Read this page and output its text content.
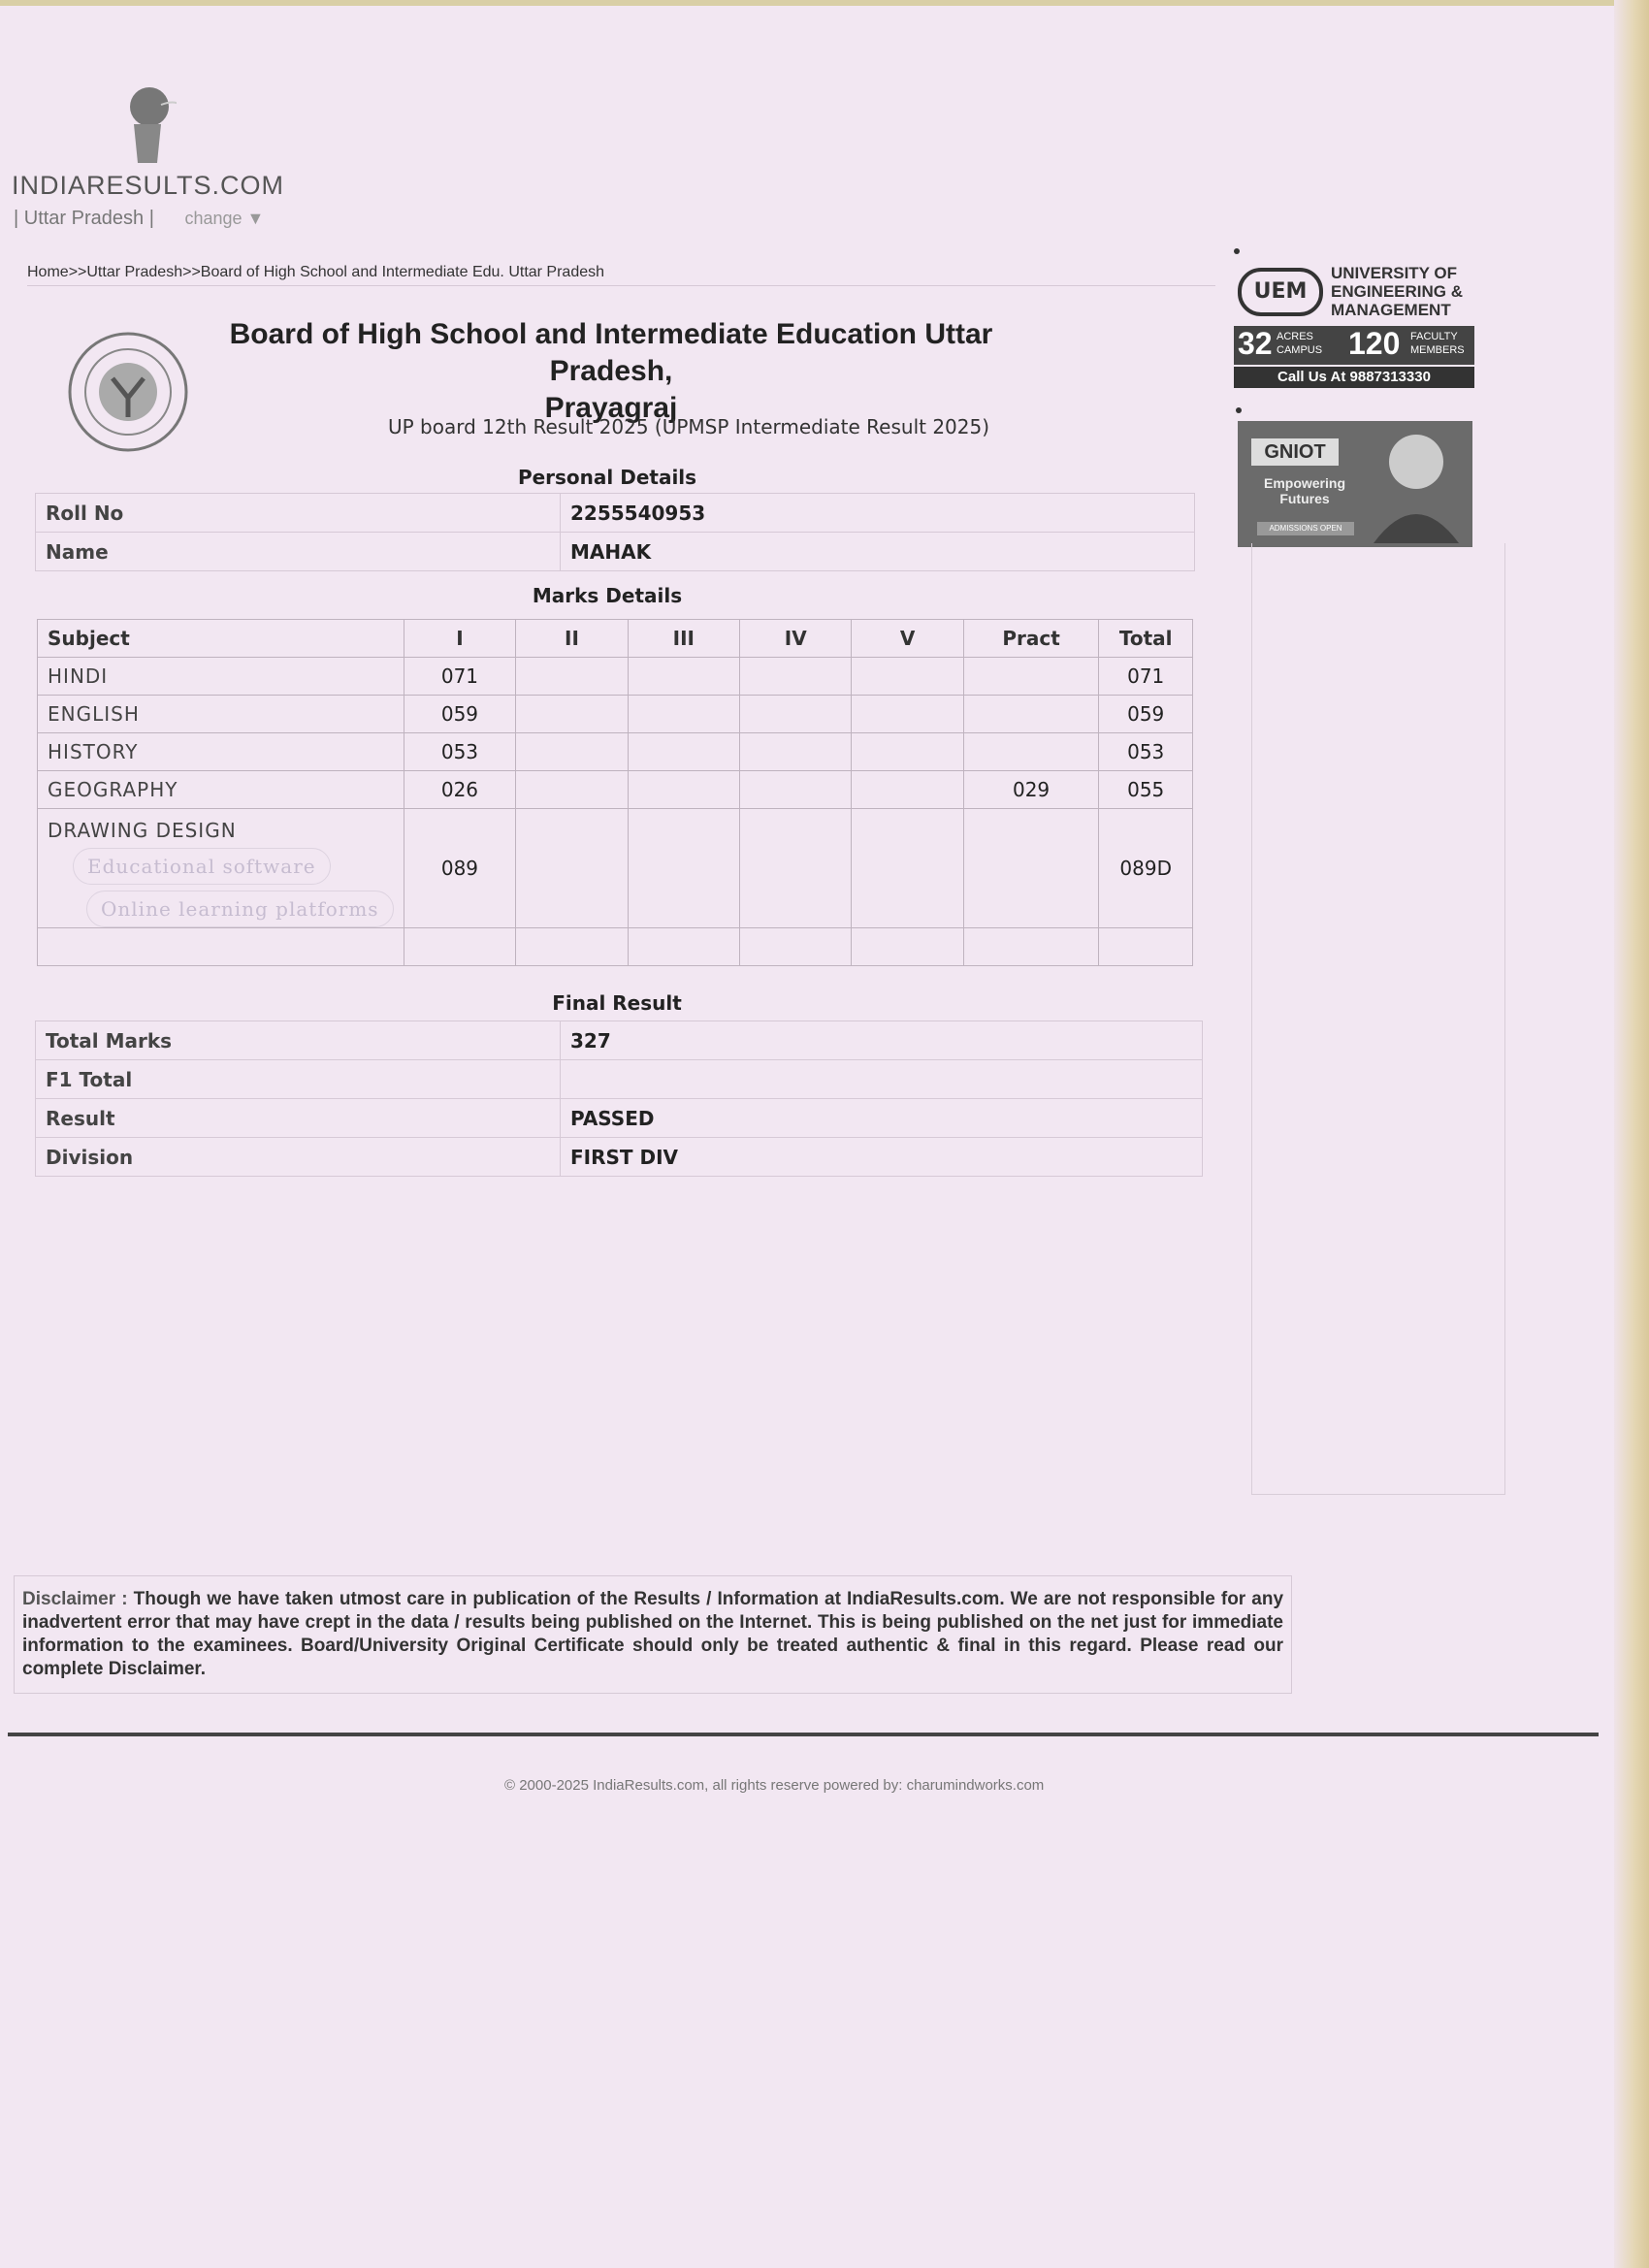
INDIARESULTS.COM
| Uttar Pradesh | change ▼
Home>>Uttar Pradesh>>Board of High School and Intermediate Edu. Uttar Pradesh
Board of High School and Intermediate Education Uttar Pradesh,
Prayagraj
UP board 12th Result 2025 (UPMSP Intermediate Result 2025)
Personal Details
Roll No	2255540953
Name	MAHAK
Marks Details
Subject	I	II	III	IV	V	Pract	Total
HINDI	071						071
ENGLISH	059						059
HISTORY	053						053
GEOGRAPHY	026					029	055
DRAWING DESIGN
Educational software
Online learning platforms	089						089D

Final Result
Total Marks	327
F1 Total	
Result	PASSED
Division	FIRST DIV
UEM
UNIVERSITY OF
ENGINEERING &
MANAGEMENT
32 ACRES CAMPUS 120 FACULTY MEMBERS
Call Us At 9887313330
GNIOT
Empowering Futures
ADMISSIONS OPEN
Disclaimer : Though we have taken utmost care in publication of the Results / Information at IndiaResults.com. We are not responsible for any inadvertent error that may have crept in the data / results being published on the Internet. This is being published on the net just for immediate information to the examinees. Board/University Original Certificate should only be treated authentic & final in this regard. Please read our complete Disclaimer.
© 2000-2025 IndiaResults.com, all rights reserve powered by: charumindworks.com
